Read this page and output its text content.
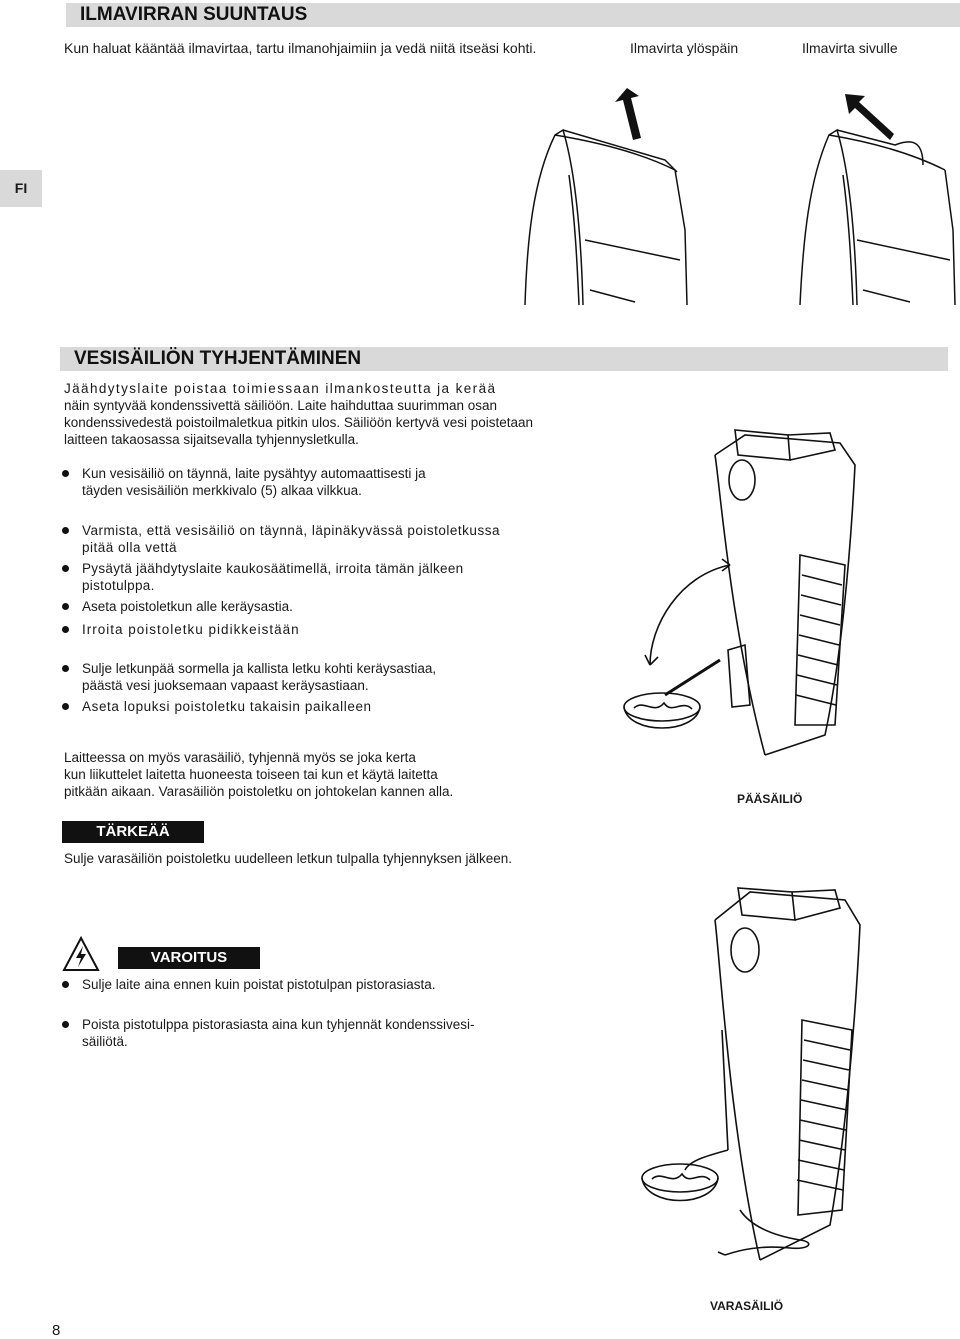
ILMAVIRRAN SUUNTAUS

Kun haluat kääntää ilmavirtaa, tartu ilmanohjaimiin ja vedä niitä itseäsi kohti.	Ilmavirta ylöspäin	Ilmavirta sivulle
FI
VESISÄILIÖN TYHJENTÄMINEN

Jäähdytyslaite poistaa toimiessaan ilmankosteutta ja kerää

näin syntyvää kondenssivettä säiliöön. Laite haihduttaa suurimman osan

kondenssivedestä poistoilmaletkua pitkin ulos. Säiliöön kertyvä vesi poistetaan

laitteen takaosassa sijaitsevalla tyhjennysletkulla.

Kun vesisäiliö on täynnä, laite pysähtyy automaattisesti ja
täyden vesisäiliön merkkivalo (5) alkaa vilkkua.
Varmista, että vesisäiliö on täynnä, läpinäkyvässä poistoletkussa
pitää olla vettä
Pysäytä jäähdytyslaite kaukosäätimellä, irroita tämän jälkeen
pistotulppa.
Aseta poistoletkun alle keräysastia.
Irroita poistoletku pidikkeistään
Sulje letkunpää sormella ja kallista letku kohti keräysastiaa,
päästä vesi juoksemaan vapaast keräysastiaan.
Aseta lopuksi poistoletku takaisin paikalleen

Laitteessa on myös varasäiliö, tyhjennä myös se joka kerta

kun liikuttelet laitetta huoneesta toiseen tai kun et käytä laitetta

pitkään aikaan. Varasäiliön poistoletku on johtokelan kannen alla.	PÄÄSÄILIÖ
TÄRKEÄÄ

Sulje varasäiliön poistoletku uudelleen letkun tulpalla tyhjennyksen jälkeen.

VAROITUS
Sulje laite aina ennen kuin poistat pistotulpan pistorasiasta.
Poista pistotulppa pistorasiasta aina kun tyhjennät kondenssivesi-
säiliötä.
VARASÄILIÖ
8
